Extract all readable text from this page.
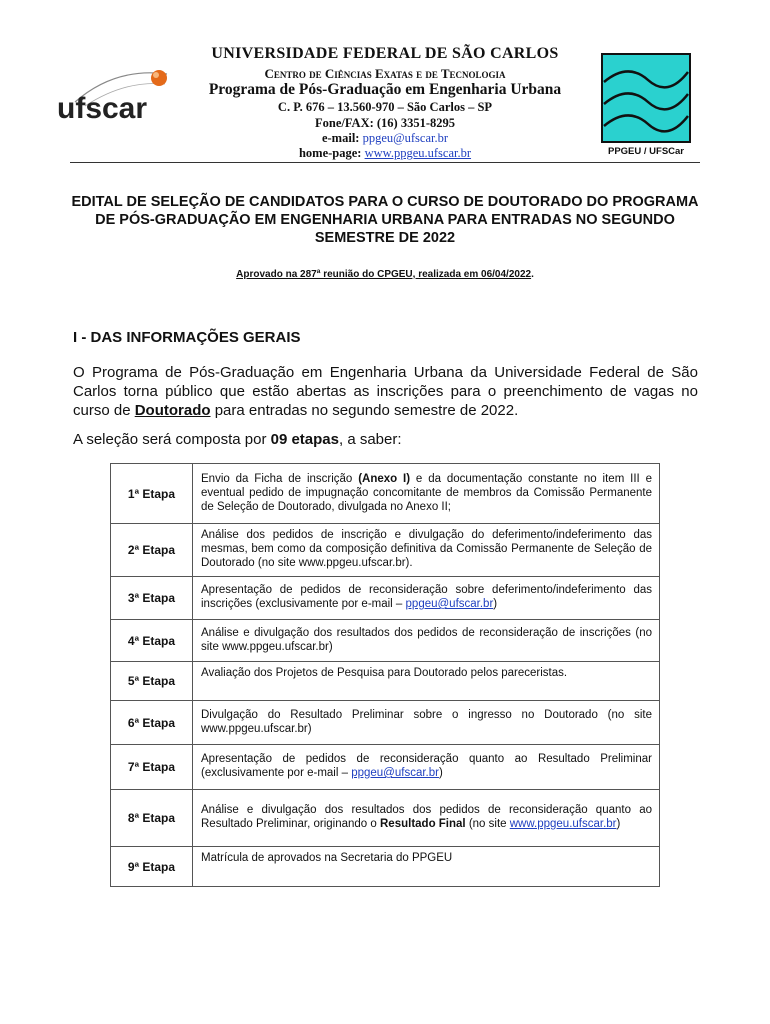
ufscar
UNIVERSIDADE FEDERAL DE SÃO CARLOS
Centro de Ciências Exatas e de Tecnologia
Programa de Pós-Graduação em Engenharia Urbana
C. P. 676 – 13.560-970 – São Carlos – SP
Fone/FAX: (16) 3351-8295
e-mail: ppgeu@ufscar.br
home-page: www.ppgeu.ufscar.br	PPGEU / UFSCar
EDITAL DE SELEÇÃO DE CANDIDATOS PARA O CURSO DE DOUTORADO DO PROGRAMA DE PÓS-GRADUAÇÃO EM ENGENHARIA URBANA PARA ENTRADAS NO SEGUNDO SEMESTRE DE 2022
Aprovado na 287ª reunião do CPGEU, realizada em 06/04/2022.
I - DAS INFORMAÇÕES GERAIS
O Programa de Pós-Graduação em Engenharia Urbana da Universidade Federal de São Carlos torna público que estão abertas as inscrições para o preenchimento de vagas no curso de Doutorado para entradas no segundo semestre de 2022.
A seleção será composta por 09 etapas, a saber:
1ª Etapa	Envio da Ficha de inscrição (Anexo I) e da documentação constante no item III e eventual pedido de impugnação concomitante de membros da Comissão Permanente de Seleção de Doutorado, divulgada no Anexo II;
2ª Etapa	Análise dos pedidos de inscrição e divulgação do deferimento/indeferimento das mesmas, bem como da composição definitiva da Comissão Permanente de Seleção de Doutorado (no site www.ppgeu.ufscar.br).
3ª Etapa	Apresentação de pedidos de reconsideração sobre deferimento/indeferimento das inscrições (exclusivamente por e-mail – ppgeu@ufscar.br)
4ª Etapa	Análise e divulgação dos resultados dos pedidos de reconsideração de inscrições (no site www.ppgeu.ufscar.br)
5ª Etapa	Avaliação dos Projetos de Pesquisa para Doutorado pelos pareceristas.
6ª Etapa	Divulgação do Resultado Preliminar sobre o ingresso no Doutorado (no site www.ppgeu.ufscar.br)
7ª Etapa	Apresentação de pedidos de reconsideração quanto ao Resultado Preliminar (exclusivamente por e-mail – ppgeu@ufscar.br)
8ª Etapa	Análise e divulgação dos resultados dos pedidos de reconsideração quanto ao Resultado Preliminar, originando o Resultado Final (no site www.ppgeu.ufscar.br)
9ª Etapa	Matrícula de aprovados na Secretaria do PPGEU
